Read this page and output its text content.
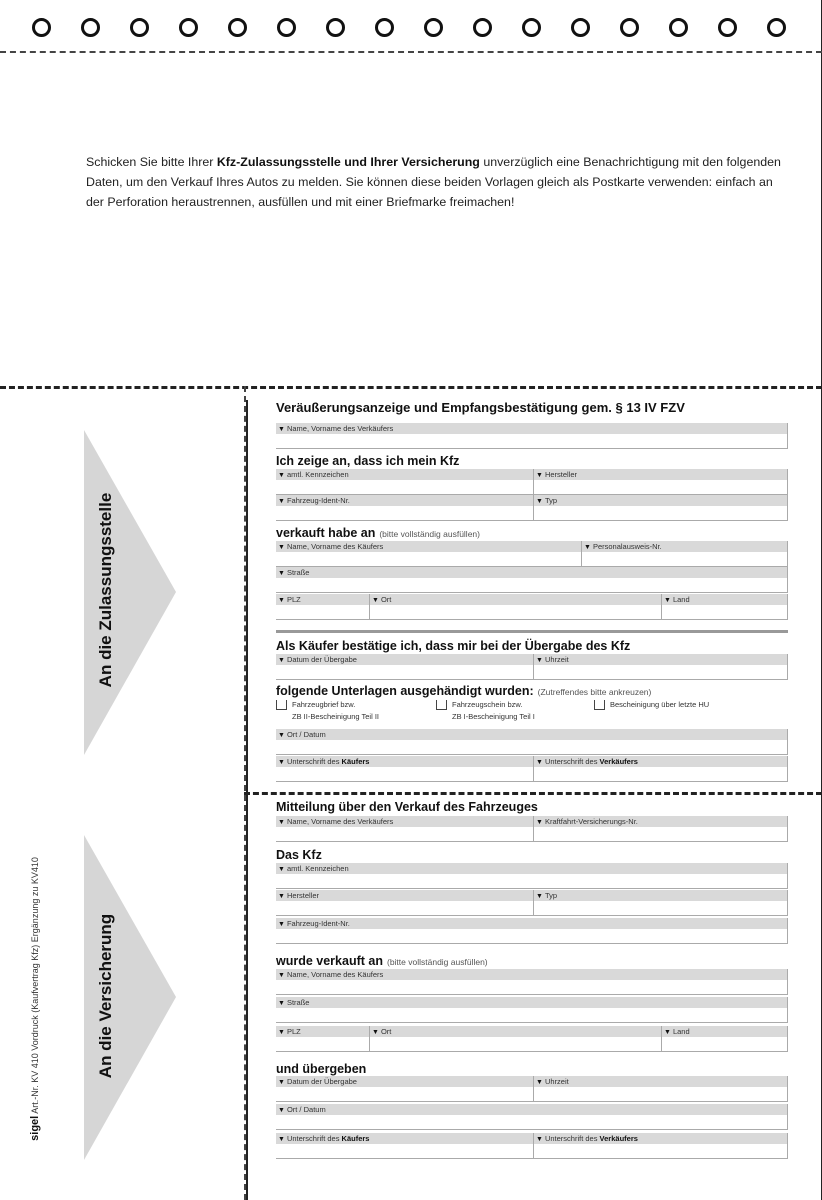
Schicken Sie bitte Ihrer Kfz-Zulassungsstelle und Ihrer Versicherung unverzüglich eine Benachrichtigung mit den folgenden Daten, um den Verkauf Ihres Autos zu melden. Sie können diese beiden Vorlagen gleich als Postkarte verwenden: einfach an der Perforation heraustrennen, ausfüllen und mit einer Briefmarke freimachen!

An die Zulassungsstelle
An die Versicherung
sigel Art.-Nr. KV 410 Vordruck (Kaufvertrag Kfz) Ergänzung zu KV410
Veräußerungsanzeige und Empfangsbestätigung gem. § 13 IV FZV
▼ Name, Vorname des Verkäufers
Ich zeige an, dass ich mein Kfz
▼ amtl. Kennzeichen	▼ Hersteller
▼ Fahrzeug-Ident-Nr.	▼ Typ
verkauft habe an (bitte vollständig ausfüllen)
▼ Name, Vorname des Käufers	▼ Personalausweis-Nr.
▼ Straße
▼ PLZ	▼ Ort	▼ Land
Als Käufer bestätige ich, dass mir bei der Übergabe des Kfz
▼ Datum der Übergabe	▼ Uhrzeit
folgende Unterlagen ausgehändigt wurden: (Zutreffendes bitte ankreuzen)
Fahrzeugbrief bzw.
ZB II-Bescheinigung Teil II
Fahrzeugschein bzw.
ZB I-Bescheinigung Teil I
Bescheinigung über letzte HU
▼ Ort / Datum
▼ Unterschrift des Käufers	▼ Unterschrift des Verkäufers
Mitteilung über den Verkauf des Fahrzeuges
▼ Name, Vorname des Verkäufers	▼ Kraftfahrt-Versicherungs-Nr.
Das Kfz
▼ amtl. Kennzeichen
▼ Hersteller	▼ Typ
▼ Fahrzeug-Ident-Nr.
wurde verkauft an (bitte vollständig ausfüllen)
▼ Name, Vorname des Käufers
▼ Straße
▼ PLZ	▼ Ort	▼ Land
und übergeben
▼ Datum der Übergabe	▼ Uhrzeit
▼ Ort / Datum
▼ Unterschrift des Käufers	▼ Unterschrift des Verkäufers
